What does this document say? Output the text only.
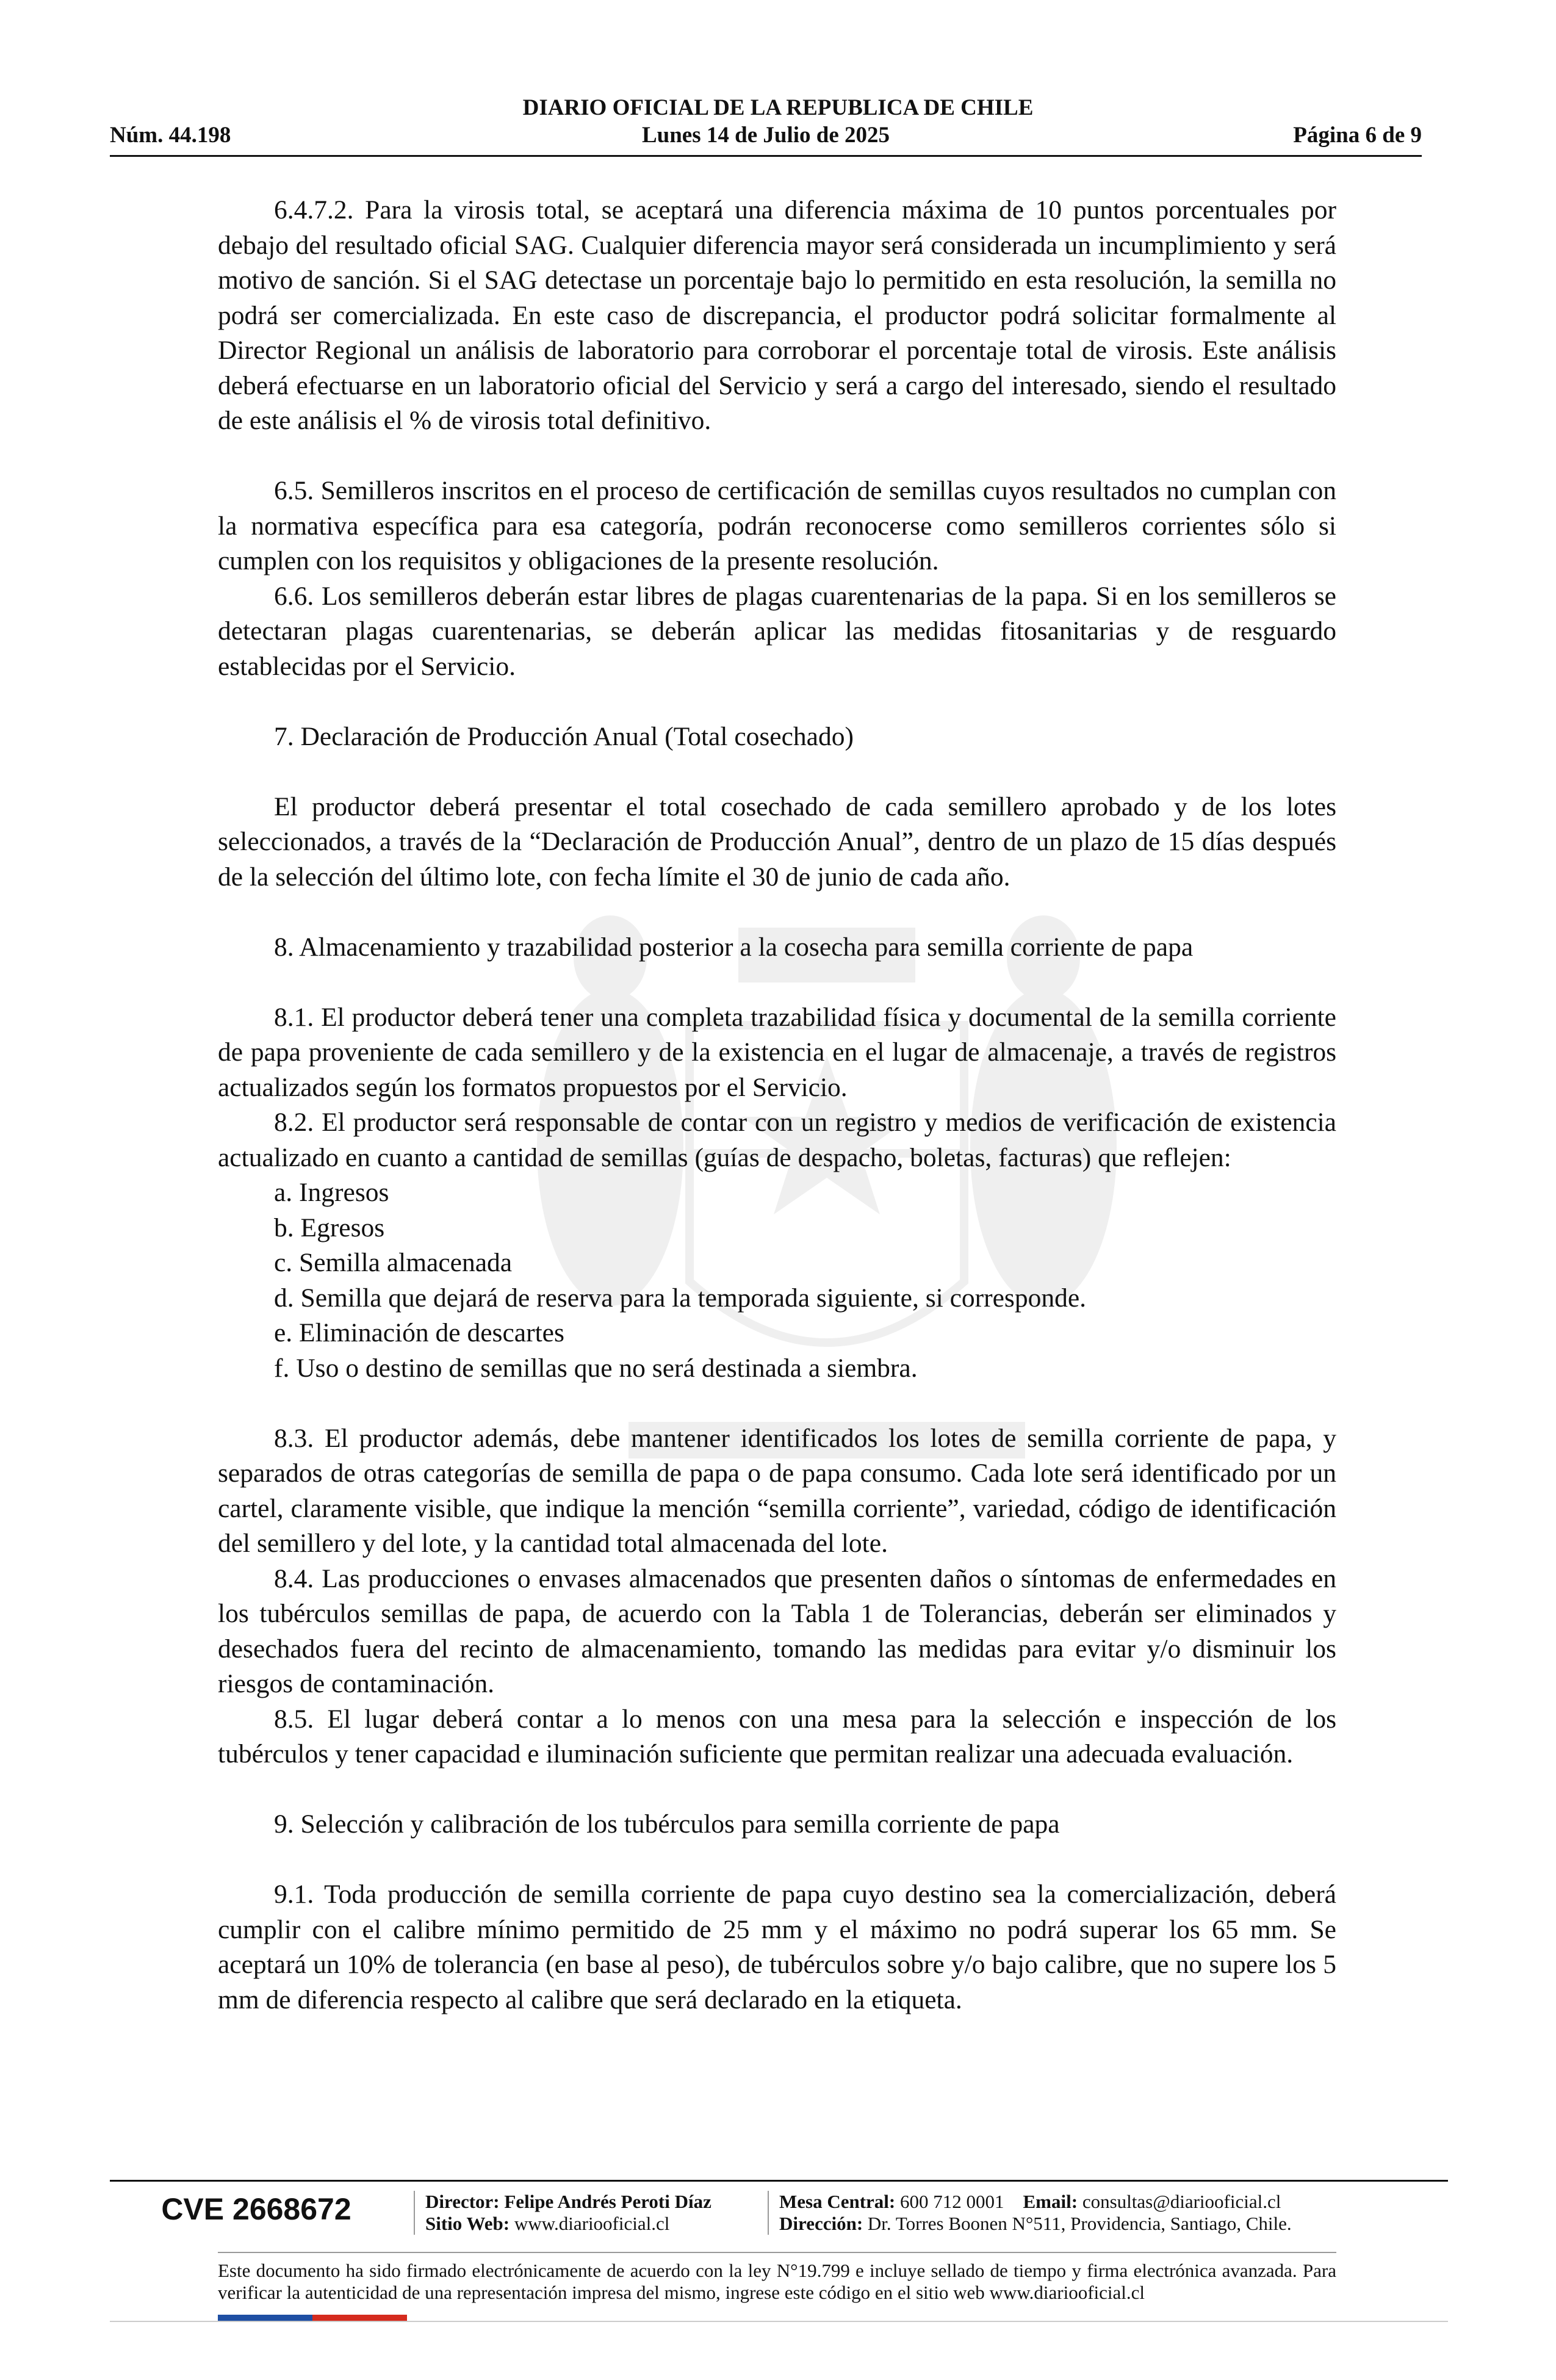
DIARIO OFICIAL DE LA REPUBLICA DE CHILE
Lunes 14 de Julio de 2025
Núm. 44.198	Página 6 de 9

6.4.7.2. Para la virosis total, se aceptará una diferencia máxima de 10 puntos porcentuales por debajo del resultado oficial SAG. Cualquier diferencia mayor será considerada un incumplimiento y será motivo de sanción. Si el SAG detectase un porcentaje bajo lo permitido en esta resolución, la semilla no podrá ser comercializada. En este caso de discrepancia, el productor podrá solicitar formalmente al Director Regional un análisis de laboratorio para corroborar el porcentaje total de virosis. Este análisis deberá efectuarse en un laboratorio oficial del Servicio y será a cargo del interesado, siendo el resultado de este análisis el % de virosis total definitivo.

6.5. Semilleros inscritos en el proceso de certificación de semillas cuyos resultados no cumplan con la normativa específica para esa categoría, podrán reconocerse como semilleros corrientes sólo si cumplen con los requisitos y obligaciones de la presente resolución.

6.6. Los semilleros deberán estar libres de plagas cuarentenarias de la papa. Si en los semilleros se detectaran plagas cuarentenarias, se deberán aplicar las medidas fitosanitarias y de resguardo establecidas por el Servicio.

7. Declaración de Producción Anual (Total cosechado)

El productor deberá presentar el total cosechado de cada semillero aprobado y de los lotes seleccionados, a través de la “Declaración de Producción Anual”, dentro de un plazo de 15 días después de la selección del último lote, con fecha límite el 30 de junio de cada año.

8. Almacenamiento y trazabilidad posterior a la cosecha para semilla corriente de papa

8.1. El productor deberá tener una completa trazabilidad física y documental de la semilla corriente de papa proveniente de cada semillero y de la existencia en el lugar de almacenaje, a través de registros actualizados según los formatos propuestos por el Servicio.

8.2. El productor será responsable de contar con un registro y medios de verificación de existencia actualizado en cuanto a cantidad de semillas (guías de despacho, boletas, facturas) que reflejen:

a. Ingresos
b. Egresos
c. Semilla almacenada
d. Semilla que dejará de reserva para la temporada siguiente, si corresponde.
e. Eliminación de descartes
f. Uso o destino de semillas que no será destinada a siembra.

8.3. El productor además, debe mantener identificados los lotes de semilla corriente de papa, y separados de otras categorías de semilla de papa o de papa consumo. Cada lote será identificado por un cartel, claramente visible, que indique la mención “semilla corriente”, variedad, código de identificación del semillero y del lote, y la cantidad total almacenada del lote.

8.4. Las producciones o envases almacenados que presenten daños o síntomas de enfermedades en los tubérculos semillas de papa, de acuerdo con la Tabla 1 de Tolerancias, deberán ser eliminados y desechados fuera del recinto de almacenamiento, tomando las medidas para evitar y/o disminuir los riesgos de contaminación.

8.5. El lugar deberá contar a lo menos con una mesa para la selección e inspección de los tubérculos y tener capacidad e iluminación suficiente que permitan realizar una adecuada evaluación.

9. Selección y calibración de los tubérculos para semilla corriente de papa

9.1. Toda producción de semilla corriente de papa cuyo destino sea la comercialización, deberá cumplir con el calibre mínimo permitido de 25 mm y el máximo no podrá superar los 65 mm. Se aceptará un 10% de tolerancia (en base al peso), de tubérculos sobre y/o bajo calibre, que no supere los 5 mm de diferencia respecto al calibre que será declarado en la etiqueta.

CVE 2668672	Director: Felipe Andrés Peroti Díaz
Sitio Web: www.diariooficial.cl
Mesa Central: 600 712 0001 Email: consultas@diariooficial.cl
Dirección: Dr. Torres Boonen N°511, Providencia, Santiago, Chile.
Este documento ha sido firmado electrónicamente de acuerdo con la ley N°19.799 e incluye sellado de tiempo y firma electrónica avanzada. Para verificar la autenticidad de una representación impresa del mismo, ingrese este código en el sitio web www.diariooficial.cl
